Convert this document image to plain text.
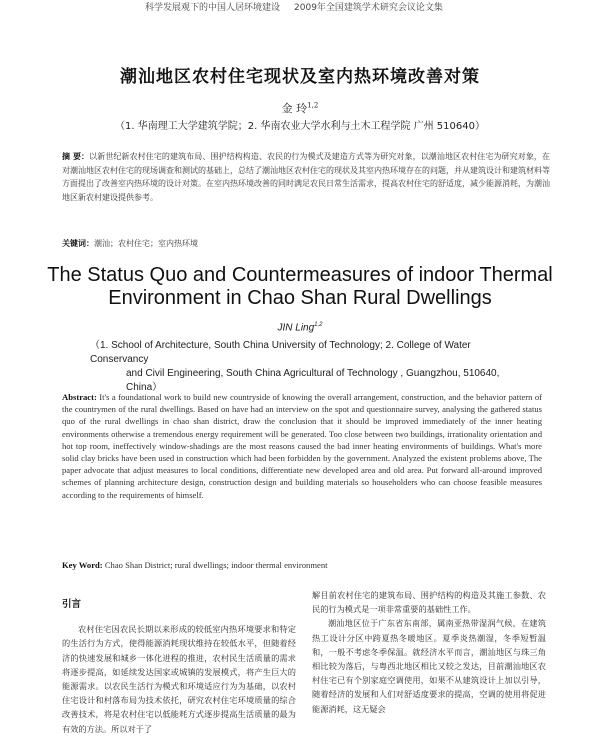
科学发展观下的中国人居环境建设 2009年全国建筑学术研究会议论文集
潮汕地区农村住宅现状及室内热环境改善对策
金 玲$^{1,2}$
（1. 华南理工大学建筑学院；2. 华南农业大学水利与土木工程学院 广州 510640）
摘 要：以新世纪新农村住宅的建筑布局、围护结构构造、农民的行为模式及建造方式等为研究对象，以潮汕地区农村住宅为研究对象，在对潮汕地区农村住宅的现场调查和测试的基础上，总结了潮汕地区农村住宅的现状及其室内热环境存在的问题，并从建筑设计和建筑材料等方面提出了改善室内热环境的设计对策。在室内热环境改善的同时满足农民日常生活需求，提高农村住宅的舒适度，减少能源消耗，为潮汕地区新农村建设提供参考。
关键词：潮汕；农村住宅；室内热环境
The Status Quo and Countermeasures of indoor Thermal
Environment in Chao Shan Rural Dwellings
JIN Ling$^{1,2}$
（1. School of Architecture, South China University of Technology; 2. College of Water Conservancy
and Civil Engineering, South China Agricultural of Technology , Guangzhou, 510640, China）
Abstract: It's a foundational work to build new countryside of knowing the overall arrangement, construction, and the behavior pattern of the countrymen of the rural dwellings. Based on have had an interview on the spot and questionnaire survey, analysing the gathered status quo of the rural dwellings in chao shan district, draw the conclusion that it should be improved immediately of the inner heating environments otherwise a tremendous energy requirement will be generated. Too close between two buildings, irrationality orientation and hot top room, ineffectively window-shadings are the most reasons caused the bad inner heating environments of buildings. What's more solid clay bricks have been used in construction which had been forbidden by the government. Analyzed the existent problems above, The paper advocate that adjust measures to local conditions, differentiate new developed area and old area. Put forward all-around improved schemes of planning architecture design, construction design and building materials so householders who can choose feasible measures according to the requirements of himself.
Key Word: Chao Shan District; rural dwellings; indoor thermal environment
引言

农村住宅因农民长期以来形成的较低室内热环境要求和特定的生活行为方式，使得能源消耗现状维持在较低水平，但随着经济的快速发展和城乡一体化进程的推进，农村民生活质量的需求将逐步提高，如延续发达国家或城镇的发展模式，将产生巨大的能源需求。以农民生活行为模式和环境适应行为为基础，以农村住宅设计和村落布局为技术依托，研究农村住宅环境质量的综合改善技术，将是农村住宅以低能耗方式逐步提高生活质量的最为有效的方法。所以对于了

解目前农村住宅的建筑布局、围护结构的构造及其施工参数、农民的行为模式是一项非常重要的基础性工作。

潮汕地区位于广东省东南部，属南亚热带湿润气候，在建筑热工设计分区中跨夏热冬暖地区。夏季炎热潮湿，冬季短暂温和，一般不考虑冬季保温。就经济水平而言，潮汕地区与珠三角相比较为落后，与粤西北地区相比又较之发达，目前潮汕地区农村住宅已有个别家庭空调使用，如果不从建筑设计上加以引导，随着经济的发展和人们对舒适度要求的提高，空调的使用将促进能源消耗，这无疑会
